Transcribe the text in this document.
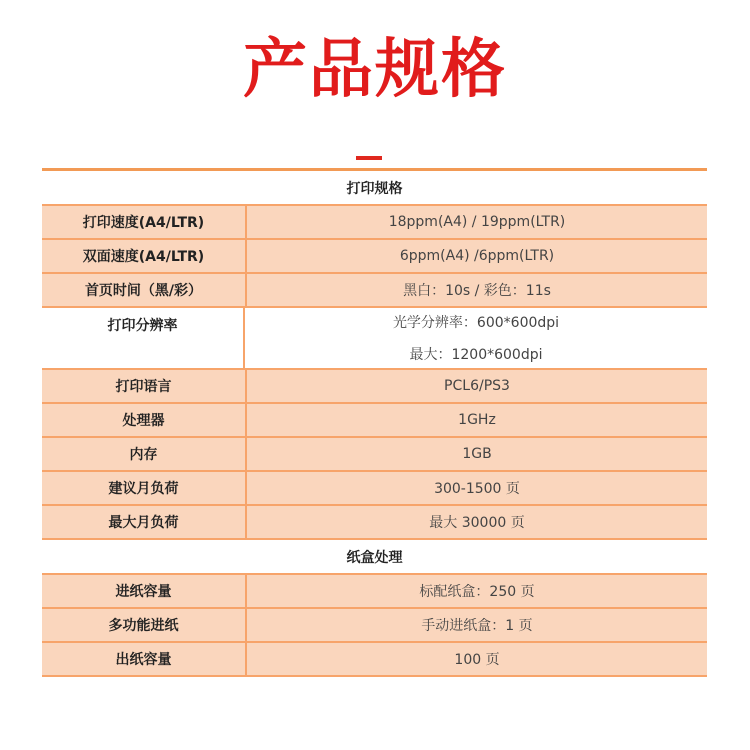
产品规格
打印规格
打印速度(A4/LTR)	18ppm(A4) / 19ppm(LTR)
双面速度(A4/LTR)	6ppm(A4) /6ppm(LTR)
首页时间（黑/彩）	黑白：10s / 彩色：11s
打印分辨率	光学分辨率：600*600dpi
最大：1200*600dpi
打印语言	PCL6/PS3
处理器	1GHz
内存	1GB
建议月负荷	300-1500 页
最大月负荷	最大 30000 页
纸盒处理
进纸容量	标配纸盒：250 页
多功能进纸	手动进纸盒：1 页
出纸容量	100 页
